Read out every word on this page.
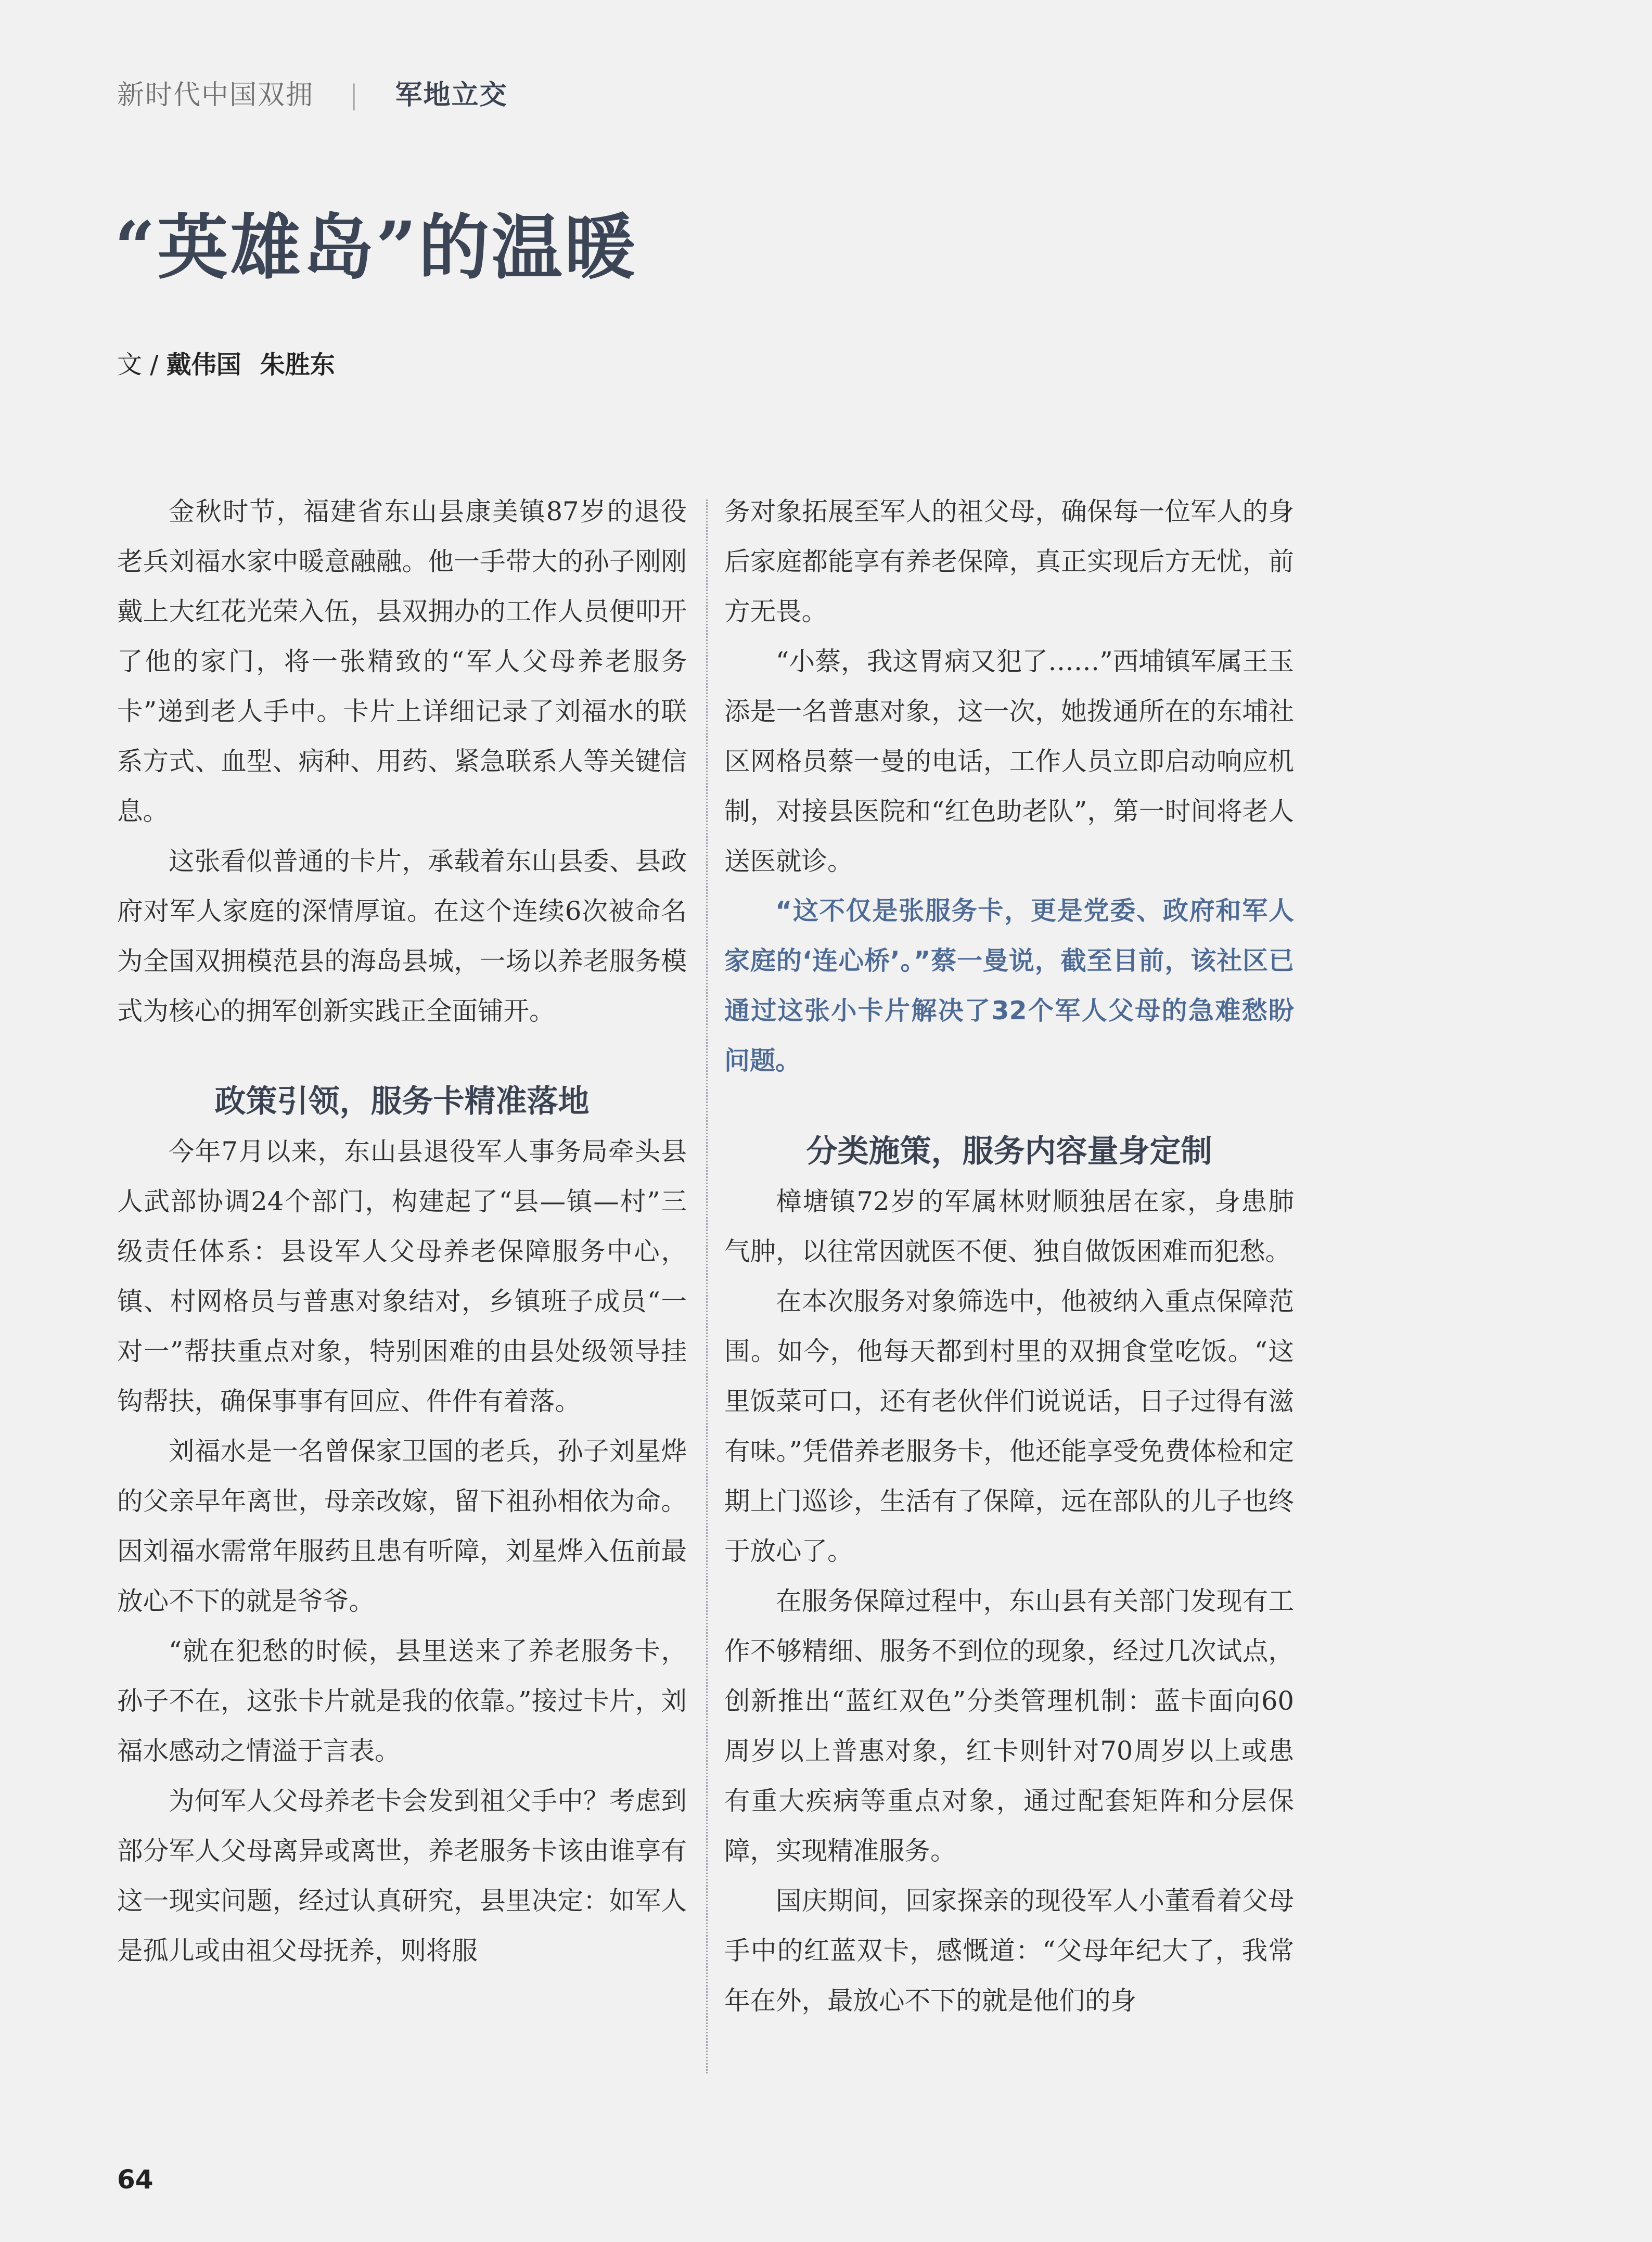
新时代中国双拥 | 军地立交
“英雄岛”的温暖
文 / 戴伟国 朱胜东

金秋时节，福建省东山县康美镇87岁的退役老兵刘福水家中暖意融融。他一手带大的孙子刚刚戴上大红花光荣入伍，县双拥办的工作人员便叩开了他的家门，将一张精致的“军人父母养老服务卡”递到老人手中。卡片上详细记录了刘福水的联系方式、血型、病种、用药、紧急联系人等关键信息。

这张看似普通的卡片，承载着东山县委、县政府对军人家庭的深情厚谊。在这个连续6次被命名为全国双拥模范县的海岛县城，一场以养老服务模式为核心的拥军创新实践正全面铺开。

政策引领，服务卡精准落地

今年7月以来，东山县退役军人事务局牵头县人武部协调24个部门，构建起了“县—镇—村”三级责任体系：县设军人父母养老保障服务中心，镇、村网格员与普惠对象结对，乡镇班子成员“一对一”帮扶重点对象，特别困难的由县处级领导挂钩帮扶，确保事事有回应、件件有着落。

刘福水是一名曾保家卫国的老兵，孙子刘星烨的父亲早年离世，母亲改嫁，留下祖孙相依为命。因刘福水需常年服药且患有听障，刘星烨入伍前最放心不下的就是爷爷。

“就在犯愁的时候，县里送来了养老服务卡，孙子不在，这张卡片就是我的依靠。”接过卡片，刘福水感动之情溢于言表。

为何军人父母养老卡会发到祖父手中？考虑到部分军人父母离异或离世，养老服务卡该由谁享有这一现实问题，经过认真研究，县里决定：如军人是孤儿或由祖父母抚养，则将服

务对象拓展至军人的祖父母，确保每一位军人的身后家庭都能享有养老保障，真正实现后方无忧，前方无畏。

“小蔡，我这胃病又犯了……”西埔镇军属王玉添是一名普惠对象，这一次，她拨通所在的东埔社区网格员蔡一曼的电话，工作人员立即启动响应机制，对接县医院和“红色助老队”，第一时间将老人送医就诊。

“这不仅是张服务卡，更是党委、政府和军人家庭的‘连心桥’。”蔡一曼说，截至目前，该社区已通过这张小卡片解决了32个军人父母的急难愁盼问题。

分类施策，服务内容量身定制

樟塘镇72岁的军属林财顺独居在家，身患肺气肿，以往常因就医不便、独自做饭困难而犯愁。

在本次服务对象筛选中，他被纳入重点保障范围。如今，他每天都到村里的双拥食堂吃饭。“这里饭菜可口，还有老伙伴们说说话，日子过得有滋有味。”凭借养老服务卡，他还能享受免费体检和定期上门巡诊，生活有了保障，远在部队的儿子也终于放心了。

在服务保障过程中，东山县有关部门发现有工作不够精细、服务不到位的现象，经过几次试点，创新推出“蓝红双色”分类管理机制：蓝卡面向60周岁以上普惠对象，红卡则针对70周岁以上或患有重大疾病等重点对象，通过配套矩阵和分层保障，实现精准服务。

国庆期间，回家探亲的现役军人小董看着父母手中的红蓝双卡，感慨道：“父母年纪大了，我常年在外，最放心不下的就是他们的身

64
